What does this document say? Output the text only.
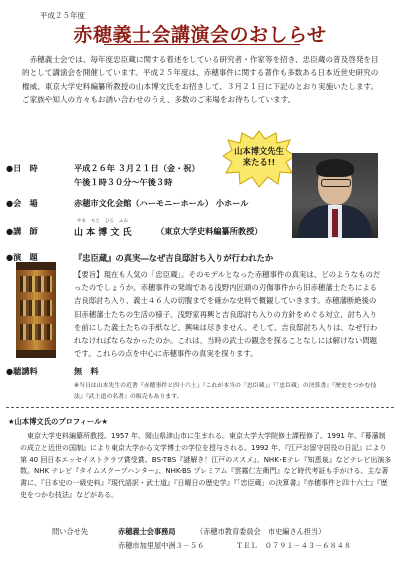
平成２５年度
赤穂義士会講演会のおしらせ

赤穂義士会では、毎年度忠臣蔵に関する着述をしている研究者・作家等を招き、忠臣蔵の普及啓発を目的として講演会を開催しています。平成２５年度は、赤穂事件に関する著作も多数ある日本近世史研究の権威、東京大学史料編纂所教授の山本博文氏をお招きして、３月２１日に下記のとおり実施いたします。ご家族や知人の方々もお誘い合わせのうえ、多数のご来場をお待ちしています。

山本博文先生
来たる!!
●日　時	平成２６年 ３月２１日（金・祝）
午後１時３０分～午後３時
●会　場	赤穂市文化会館（ハーモニーホール） 小ホール
●講　師
やま もと ひろ ふみ
山 本 博 文 氏	（東京大学史料編纂所教授）
●演　題	『忠臣蔵』の真実―なぜ吉良邸討ち入りが行われたか

【要旨】現在も人気の「忠臣蔵」。そのモデルとなった赤穂事件の真実は、どのようなものだったのでしょうか。赤穂事件の発端である浅野内匠頭の刃傷事件から旧赤穂藩士たちによる吉良邸討ち入り、義士４６人の切腹までを確かな史料で概観していきます。赤穂藩断絶後の旧赤穂藩士たちの生活の様子、浅野家再興と吉良邸討ち入りの方針をめぐる対立、討ち入りを前にした義士たちの手紙など、興味は尽きません。そして、吉良邸討ち入りは、なぜ行われなければならなかったのか。これは、当時の武士の観念を探ることなしには解けない問題です。これらの点を中心に赤穂事件の真実を探ります。

●聴講料	無　料

※当日は山本先生の近著『赤穂事件と四十六士』『これが本当の「忠臣蔵」』『「忠臣蔵」の決算書』『歴史をつかむ技法』『武士道の名著』の販売もあります。

★山本博文氏のプロフィール★

東京大学史料編纂所教授。1957 年、岡山県津山市に生まれる。東京大学大学院修士課程修了。1991 年、『幕藩制の成立と近世の国制』により東京大学から文学博士の学位を授与される。1992 年、『江戸お留守居役の日記』により第 40 回日本エッセイストクラブ賞受賞。BS-TBS『謎解き！江戸のススメ』、NHK･Eテレ『知恵泉』などテレビ出演多数。NHK テレビ『タイムスクープハンター』、NHK-BS プレミアム『雲霧仁左衛門』など時代考証も手がける。主な著書に、『日本史の一級史料』『現代語訳・武士道』『日曜日の歴史学』『「忠臣蔵」の決算書』『赤穂事件と四十六士』『歴史をつかむ技法』などがある。

問い合せ先	赤穂義士会事務局	（赤穂市教育委員会　市史編さん担当）
赤穂市加里屋中洲３－５６	ＴＥＬ　０７９１－４３－６８４８
